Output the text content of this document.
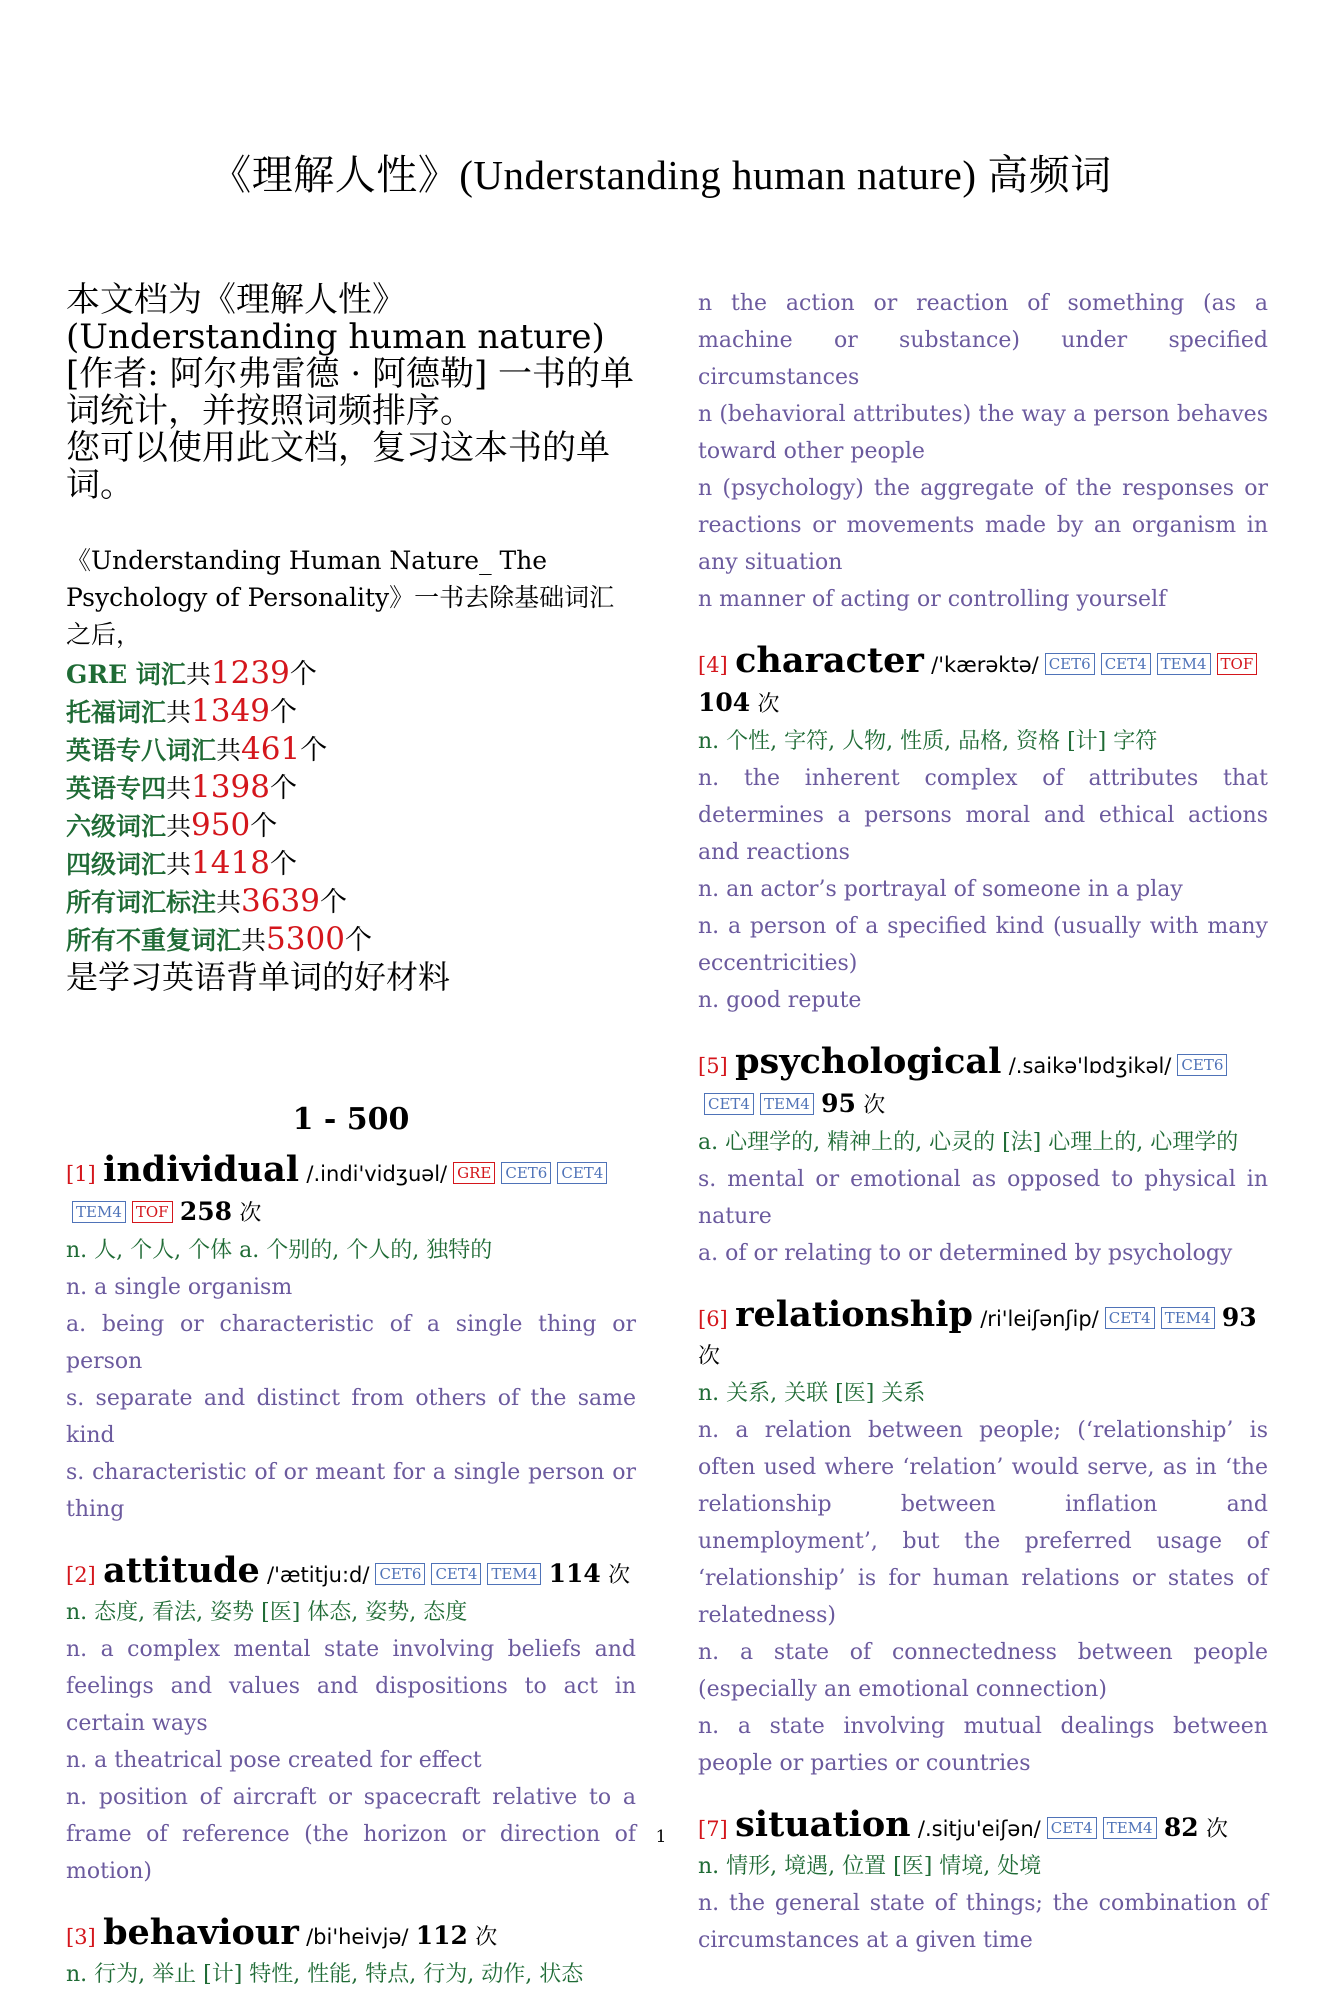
《理解人性》(Understanding human nature) 高频词

本文档为《理解人性》(Understanding human nature)[作者: 阿尔弗雷德 · 阿德勒] 一书的单词统计，并按照词频排序。

您可以使用此文档，复习这本书的单词。

《Understanding Human Nature_ The Psychology of Personality》一书去除基础词汇之后，

GRE 词汇共1239个

托福词汇共1349个

英语专八词汇共461个

英语专四共1398个

六级词汇共950个

四级词汇共1418个

所有词汇标注共3639个

所有不重复词汇共5300个

是学习英语背单词的好材料

1 - 500
[1] individual /.indi'vidʒuəl/ GRE CET6 CET4TEM4 TOF 258 次

n. 人, 个人, 个体 a. 个别的, 个人的, 独特的

n. a single organism

a. being or characteristic of a single thing or person

s. separate and distinct from others of the same kind

s. characteristic of or meant for a single person or thing

[2] attitude /'ætitju:d/ CET6 CET4 TEM4 114 次

n. 态度, 看法, 姿势 [医] 体态, 姿势, 态度

n. a complex mental state involving beliefs and feelings and values and dispositions to act in certain ways

n. a theatrical pose created for effect

n. position of aircraft or spacecraft relative to a frame of reference (the horizon or direction of motion)

[3] behaviour /bi'heivjə/ 112 次

n. 行为, 举止 [计] 特性, 性能, 特点, 行为, 动作, 状态

n the action or reaction of something (as a machine or substance) under specified circumstances

n (behavioral attributes) the way a person behaves toward other people

n (psychology) the aggregate of the responses or reactions or movements made by an organism in any situation

n manner of acting or controlling yourself

[4] character /'kærəktə/ CET6 CET4 TEM4 TOF 104 次

n. 个性, 字符, 人物, 性质, 品格, 资格 [计] 字符

n. the inherent complex of attributes that determines a persons moral and ethical actions and reactions

n. an actor’s portrayal of someone in a play

n. a person of a specified kind (usually with many eccentricities)

n. good repute

[5] psychological /.saikə'lɒdʒikəl/ CET6CET4 TEM4 95 次

a. 心理学的, 精神上的, 心灵的 [法] 心理上的, 心理学的

s. mental or emotional as opposed to physical in nature

a. of or relating to or determined by psychology

[6] relationship /ri'leiʃənʃip/ CET4 TEM4 93 次

n. 关系, 关联 [医] 关系

n. a relation between people; (‘relationship’ is often used where ‘relation’ would serve, as in ‘the relationship between inflation and unemployment’, but the preferred usage of ‘relationship’ is for human relations or states of relatedness)

n. a state of connectedness between people (especially an emotional connection)

n. a state involving mutual dealings between people or parties or countries

[7] situation /.sitju'eiʃən/ CET4 TEM4 82 次

n. 情形, 境遇, 位置 [医] 情境, 处境

n. the general state of things; the combination of circumstances at a given time

1
